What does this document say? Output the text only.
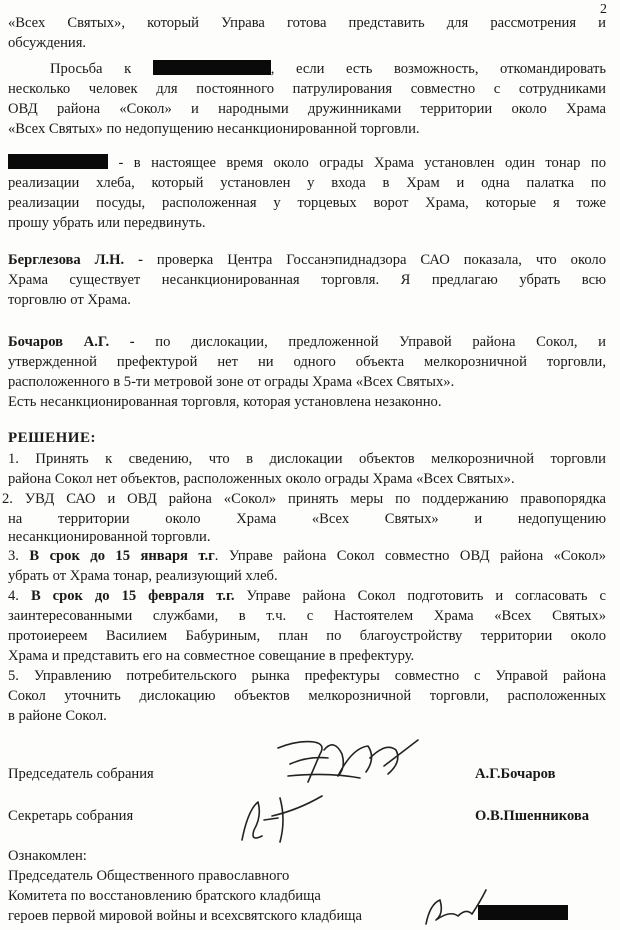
2
«Всех Святых», который Управа готова представить для рассмотрения и
обсуждения.
Просьба к	, если есть возможность, откомандировать
несколько человек для постоянного патрулирования совместно с сотрудниками
ОВД района «Сокол» и народными дружинниками территории около Храма
«Всех Святых» по недопущению несанкционированной торговли.
- в настоящее время около ограды Храма установлен один тонар по
реализации хлеба, который установлен у входа в Храм и одна палатка по
реализации посуды, расположенная у торцевых ворот Храма, которые я тоже
прошу убрать или передвинуть.
Берглезова Л.Н. - проверка Центра Госсанэпиднадзора САО показала, что около
Храма существует несанкционированная торговля. Я предлагаю убрать всю
торговлю от Храма.
Бочаров А.Г. - по дислокации, предложенной Управой района Сокол, и
утвержденной префектурой нет ни одного объекта мелкорозничной торговли,
расположенного в 5-ти метровой зоне от ограды Храма «Всех Святых».
Есть несанкционированная торговля, которая установлена незаконно.
РЕШЕНИЕ:
1. Принять к сведению, что в дислокации объектов мелкорозничной торговли
района Сокол нет объектов, расположенных около ограды Храма «Всех Святых».
2. УВД САО и ОВД района «Сокол» принять меры по поддержанию правопорядка
на территории около Храма «Всех Святых» и недопущению
несанкционированной торговли.
3. В срок до 15 января т.г. Управе района Сокол совместно ОВД района «Сокол»
убрать от Храма тонар, реализующий хлеб.
4. В срок до 15 февраля т.г. Управе района Сокол подготовить и согласовать с
заинтересованными службами, в т.ч. с Настоятелем Храма «Всех Святых»
протоиереем Василием Бабуриным, план по благоустройству территории около
Храма и представить его на совместное совещание в префектуру.
5. Управлению потребительского рынка префектуры совместно с Управой района
Сокол уточнить дислокацию объектов мелкорозничной торговли, расположенных
в районе Сокол.
Председатель собрания	А.Г.Бочаров
Секретарь собрания	О.В.Пшенникова
Ознакомлен:
Председатель Общественного православного
Комитета по восстановлению братского кладбища
героев первой мировой войны и всехсвятского кладбища
